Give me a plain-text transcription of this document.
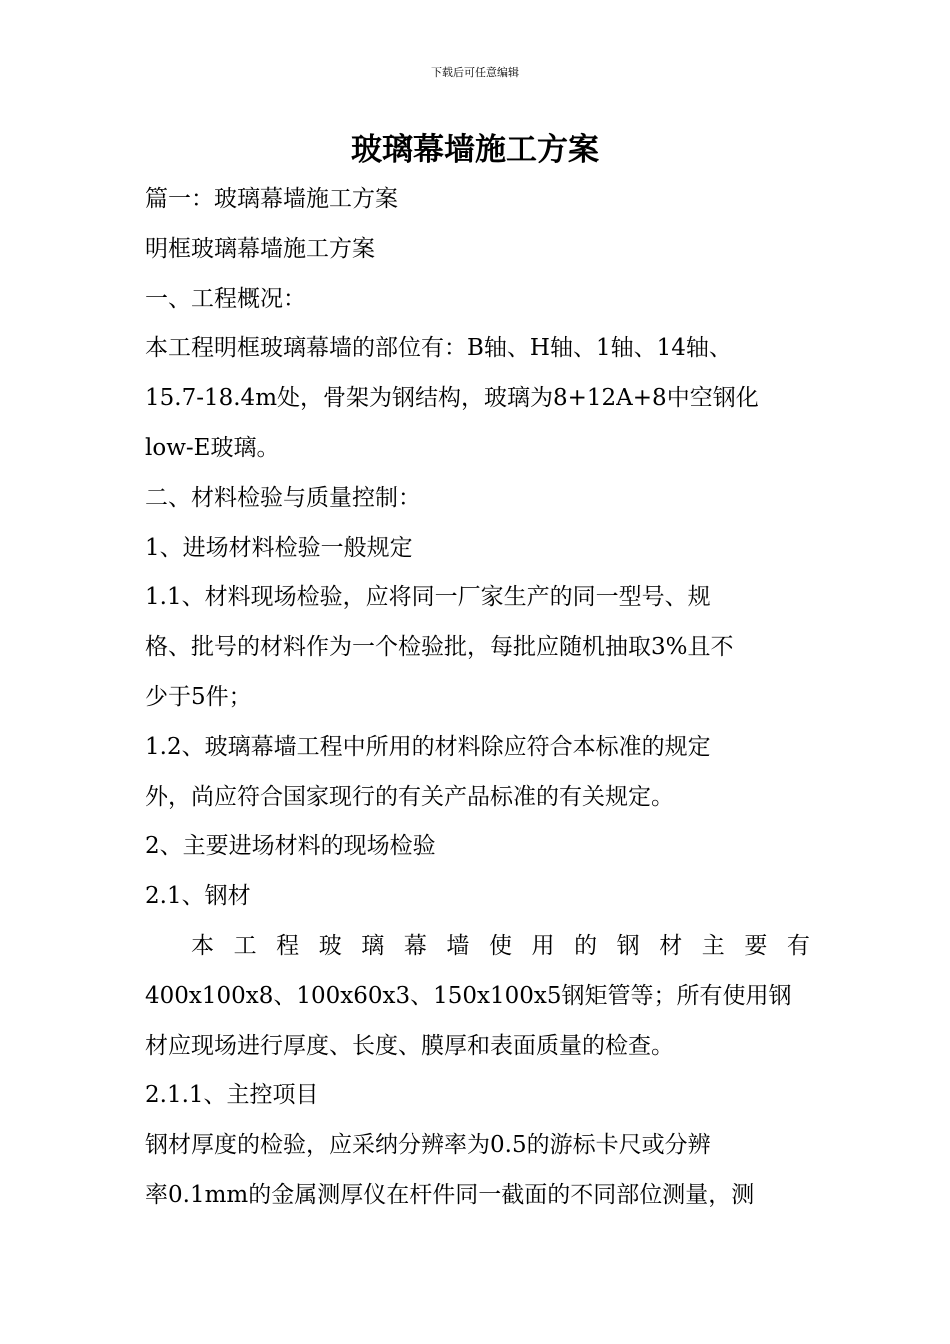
下载后可任意编辑
玻璃幕墙施工方案
篇一：玻璃幕墙施工方案
明框玻璃幕墙施工方案
一、工程概况：
本工程明框玻璃幕墙的部位有：B轴、H轴、1轴、14轴、
15.7-18.4m处，骨架为钢结构，玻璃为8+12A+8中空钢化
low-E玻璃。
二、材料检验与质量控制：
1、进场材料检验一般规定
1.1、材料现场检验，应将同一厂家生产的同一型号、规
格、批号的材料作为一个检验批，每批应随机抽取3%且不
少于5件；
1.2、玻璃幕墙工程中所用的材料除应符合本标准的规定
外，尚应符合国家现行的有关产品标准的有关规定。
2、主要进场材料的现场检验
2.1、钢材
本 工 程 玻 璃 幕 墙 使 用 的 钢 材 主 要 有
400x100x8、100x60x3、150x100x5钢矩管等；所有使用钢
材应现场进行厚度、长度、膜厚和表面质量的检查。
2.1.1、主控项目
钢材厚度的检验，应采纳分辨率为0.5的游标卡尺或分辨
率0.1mm的金属测厚仪在杆件同一截面的不同部位测量，测
